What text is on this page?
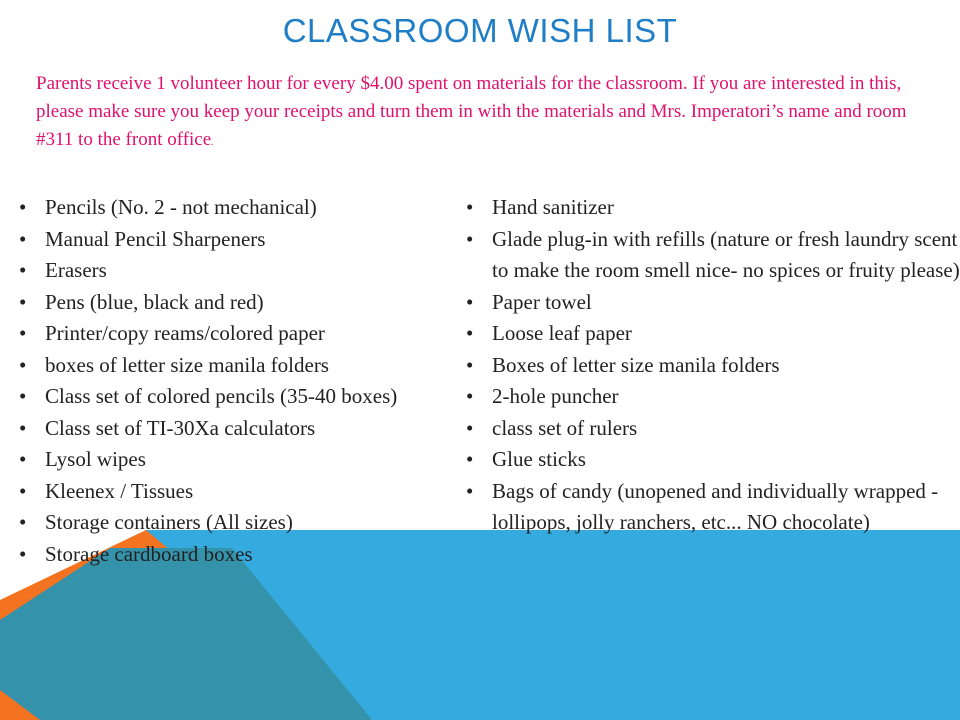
CLASSROOM WISH LIST

Parents receive 1 volunteer hour for every $4.00 spent on materials for the classroom. If you are interested in this, please make sure you keep your receipts and turn them in with the materials and Mrs. Imperatori’s name and room #311 to the front office.

• Pencils (No. 2 - not mechanical)
• Manual Pencil Sharpeners
• Erasers
• Pens (blue, black and red)
• Printer/copy reams/colored paper
• boxes of letter size manila folders
• Class set of colored pencils (35-40 boxes)
• Class set of TI-30Xa calculators
• Lysol wipes
• Kleenex / Tissues
• Storage containers (All sizes)
• Storage cardboard boxes
• Hand sanitizer
• Glade plug-in with refills (nature or fresh laundry scent to make the room smell nice- no spices or fruity please)
• Paper towel
• Loose leaf paper
• Boxes of letter size manila folders
• 2-hole puncher
• class set of rulers
• Glue sticks
• Bags of candy (unopened and individually wrapped - lollipops, jolly ranchers, etc... NO chocolate)
